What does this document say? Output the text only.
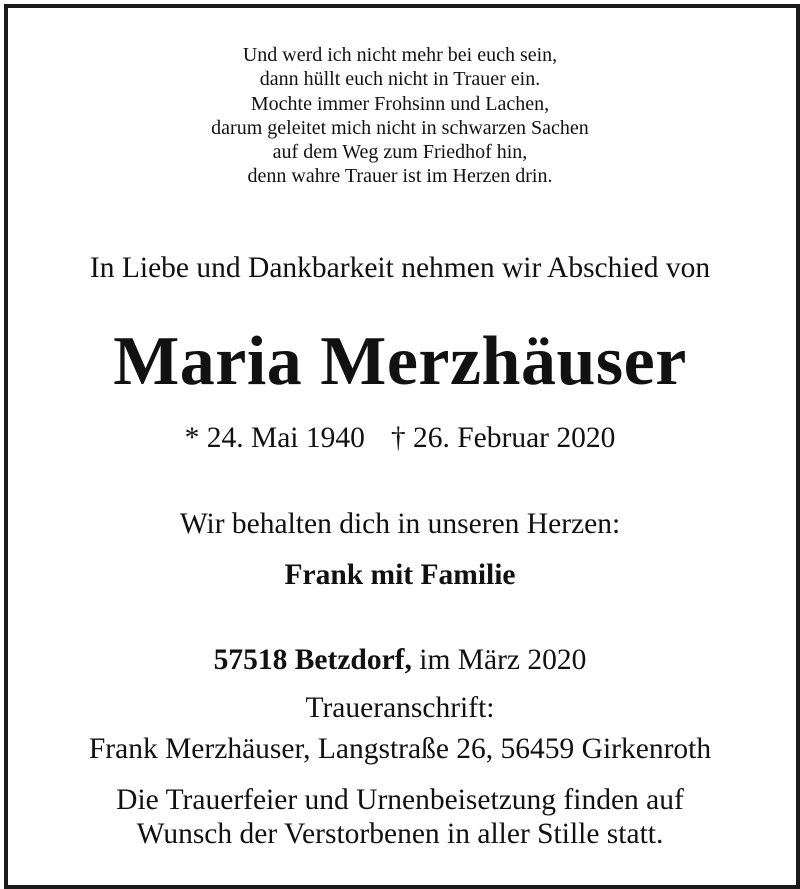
Und werd ich nicht mehr bei euch sein,
dann hüllt euch nicht in Trauer ein.
Mochte immer Frohsinn und Lachen,
darum geleitet mich nicht in schwarzen Sachen
auf dem Weg zum Friedhof hin,
denn wahre Trauer ist im Herzen drin.
In Liebe und Dankbarkeit nehmen wir Abschied von
Maria Merzhäuser
* 24. Mai 1940 † 26. Februar 2020
Wir behalten dich in unseren Herzen:
Frank mit Familie
57518 Betzdorf, im März 2020
Traueranschrift:
Frank Merzhäuser, Langstraße 26, 56459 Girkenroth
Die Trauerfeier und Urnenbeisetzung finden auf
Wunsch der Verstorbenen in aller Stille statt.
